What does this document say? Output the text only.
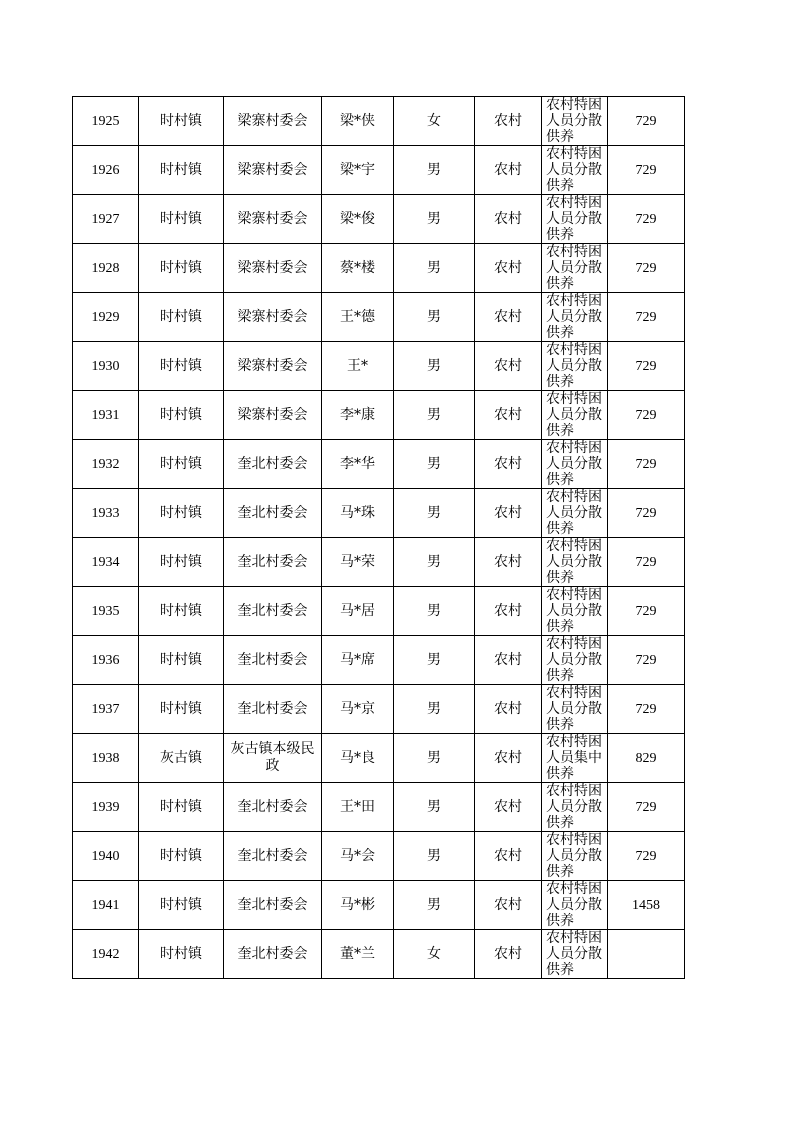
1925	时村镇	梁寨村委会	梁*侠	女	农村	农村特困人员分散供养	729
1926	时村镇	梁寨村委会	梁*宇	男	农村	农村特困人员分散供养	729
1927	时村镇	梁寨村委会	梁*俊	男	农村	农村特困人员分散供养	729
1928	时村镇	梁寨村委会	蔡*楼	男	农村	农村特困人员分散供养	729
1929	时村镇	梁寨村委会	王*德	男	农村	农村特困人员分散供养	729
1930	时村镇	梁寨村委会	王*	男	农村	农村特困人员分散供养	729
1931	时村镇	梁寨村委会	李*康	男	农村	农村特困人员分散供养	729
1932	时村镇	奎北村委会	李*华	男	农村	农村特困人员分散供养	729
1933	时村镇	奎北村委会	马*珠	男	农村	农村特困人员分散供养	729
1934	时村镇	奎北村委会	马*荣	男	农村	农村特困人员分散供养	729
1935	时村镇	奎北村委会	马*居	男	农村	农村特困人员分散供养	729
1936	时村镇	奎北村委会	马*席	男	农村	农村特困人员分散供养	729
1937	时村镇	奎北村委会	马*京	男	农村	农村特困人员分散供养	729
1938	灰古镇	灰古镇本级民政	马*良	男	农村	农村特困人员集中供养	829
1939	时村镇	奎北村委会	王*田	男	农村	农村特困人员分散供养	729
1940	时村镇	奎北村委会	马*会	男	农村	农村特困人员分散供养	729
1941	时村镇	奎北村委会	马*彬	男	农村	农村特困人员分散供养	1458
1942	时村镇	奎北村委会	董*兰	女	农村	农村特困人员分散供养	
